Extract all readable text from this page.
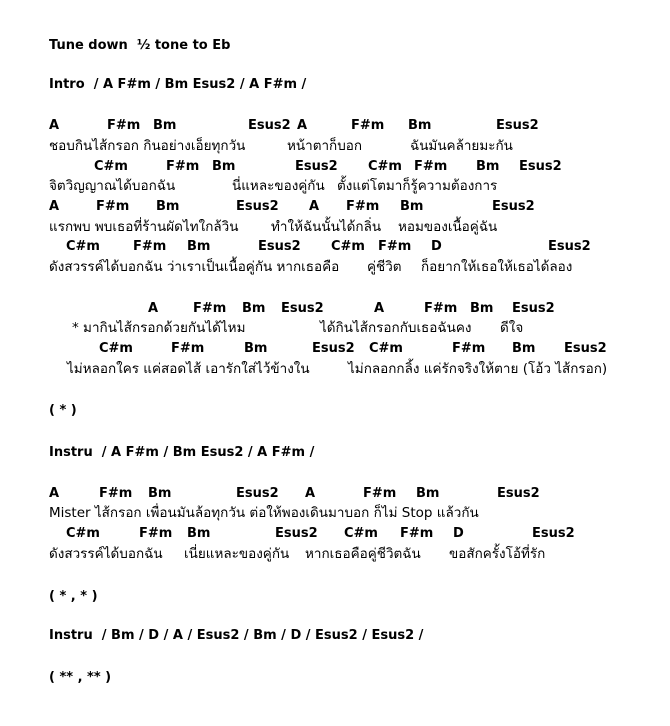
Tune down  ½ tone to Eb
Intro  / A F#m / Bm Esus2 / A F#m /

A

	F#m

Bm

	Esus2

A

	F#m

Bm

	Esus2

ชอบกินไส้กรอก กินอย่างเอ็ยทุกวัน

	หน้าตาก็บอก

	ฉันมันคล้ายมะกัน

C#m

	F#m

Bm

	Esus2

C#m

F#m

Bm

Esus2

จิตวิญญาณได้บอกฉัน

	นี่แหละของคู่กัน

ตั้งแต่โตมาก็รู้ความต้องการ

A

	F#m

Bm

	Esus2

A

F#m

Bm

	Esus2

แรกพบ พบเธอที่ร้านผัดไทใกล้วิน

ทำให้ฉันนั้นได้กลิ่น

หอมของเนื้อคู่ฉัน

C#m

	F#m

Bm

	Esus2

C#m

F#m

D

	Esus2

ดังสวรรค์ได้บอกฉัน ว่าเราเป็นเนื้อคู่กัน หากเธอคือ

คู่ชีวิต

ก็อยากให้เธอให้เธอได้ลอง

A

	F#m

Bm

Esus2

	A

	F#m

Bm

Esus2

* มากินไส้กรอกด้วยกันได้ไหม

	ได้กินไส้กรอกกับเธอฉันคง

ดีใจ

C#m

	F#m

	Bm

	Esus2

C#m

	F#m

Bm

Esus2

ไม่หลอกใคร แค่สอดไส้ เอารักใส่ไว้ข้างใน

	ไม่กลอกกลิ้ง แค่รักจริงให้ตาย (โอ้ว ไส้กรอก)

( * )
Instru  / A F#m / Bm Esus2 / A F#m /

A

	F#m

Bm

	Esus2

A

	F#m

Bm

	Esus2

Mister ไส้กรอก เพื่อนมันล้อทุกวัน ต่อให้พองเดินมาบอก ก็ไม่ Stop แล้วกัน

C#m

	F#m

Bm

	Esus2

C#m

F#m

D

	Esus2

ดังสวรรค์ได้บอกฉัน

เนี่ยแหละของคู่กัน

หากเธอคือคู่ชีวิตฉัน

ขอสักครั้งโอ้ที่รัก

( * , * )
Instru  / Bm / D / A / Esus2 / Bm / D / Esus2 / Esus2 /
( ** , ** )
